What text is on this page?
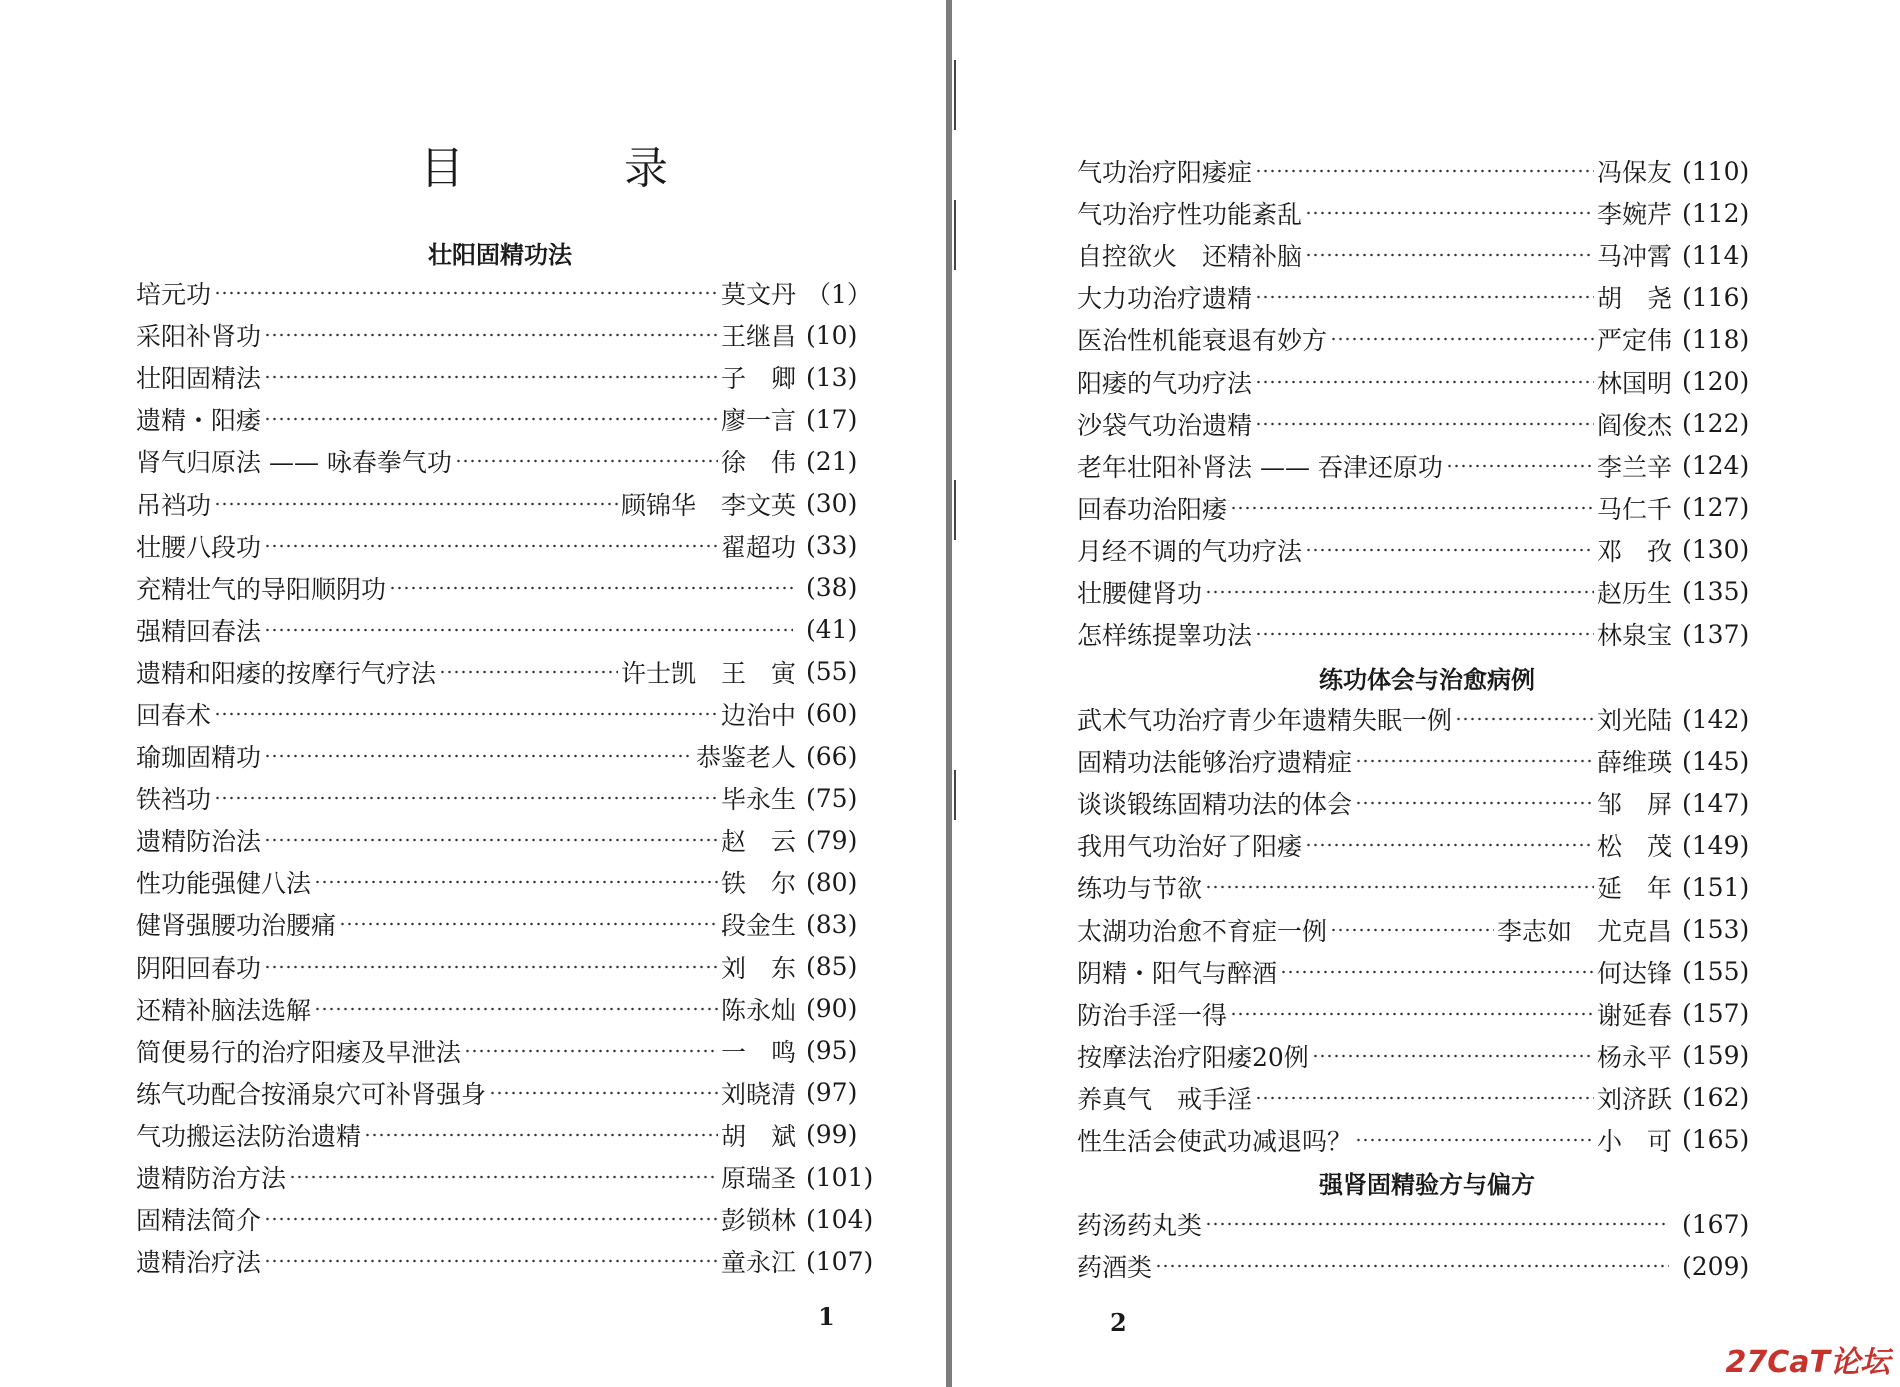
目　录
壮阳固精功法
培元功	莫文丹 （1）
采阳补肾功	王继昌 (10)
壮阳固精法	子　卿 (13)
遗精・阳痿	廖一言 (17)
肾气归原法 —— 咏春拳气功	徐　伟 (21)
吊裆功	顾锦华　李文英 (30)
壮腰八段功	翟超功 (33)
充精壮气的导阳顺阴功	(38)
强精回春法	(41)
遗精和阳痿的按摩行气疗法	许士凯　王　寅 (55)
回春术	边治中 (60)
瑜珈固精功	恭鉴老人 (66)
铁裆功	毕永生 (75)
遗精防治法	赵　云 (79)
性功能强健八法	铁　尔 (80)
健肾强腰功治腰痛	段金生 (83)
阴阳回春功	刘　东 (85)
还精补脑法选解	陈永灿 (90)
简便易行的治疗阳痿及早泄法	一　鸣 (95)
练气功配合按涌泉穴可补肾强身	刘晓清 (97)
气功搬运法防治遗精	胡　斌 (99)
遗精防治方法	原瑞圣 (101)
固精法简介	彭锁林 (104)
遗精治疗法	童永江 (107)
1
气功治疗阳痿症	冯保友 (110)
气功治疗性功能紊乱	李婉芹 (112)
自控欲火　还精补脑	马冲霄 (114)
大力功治疗遗精	胡　尧 (116)
医治性机能衰退有妙方	严定伟 (118)
阳痿的气功疗法	林国明 (120)
沙袋气功治遗精	阎俊杰 (122)
老年壮阳补肾法 —— 吞津还原功	李兰辛 (124)
回春功治阳痿	马仁千 (127)
月经不调的气功疗法	邓　孜 (130)
壮腰健肾功	赵历生 (135)
怎样练提睾功法	林泉宝 (137)
练功体会与治愈病例
武术气功治疗青少年遗精失眠一例	刘光陆 (142)
固精功法能够治疗遗精症	薛维瑛 (145)
谈谈锻练固精功法的体会	邹　屏 (147)
我用气功治好了阳痿	松　茂 (149)
练功与节欲	延　年 (151)
太湖功治愈不育症一例	李志如　尤克昌 (153)
阴精・阳气与醉酒	何达锋 (155)
防治手淫一得	谢延春 (157)
按摩法治疗阳痿20例	杨永平 (159)
养真气　戒手淫	刘济跃 (162)
性生活会使武功减退吗？	小　可 (165)
强肾固精验方与偏方
药汤药丸类	(167)
药酒类	(209)
2
27CaT论坛
